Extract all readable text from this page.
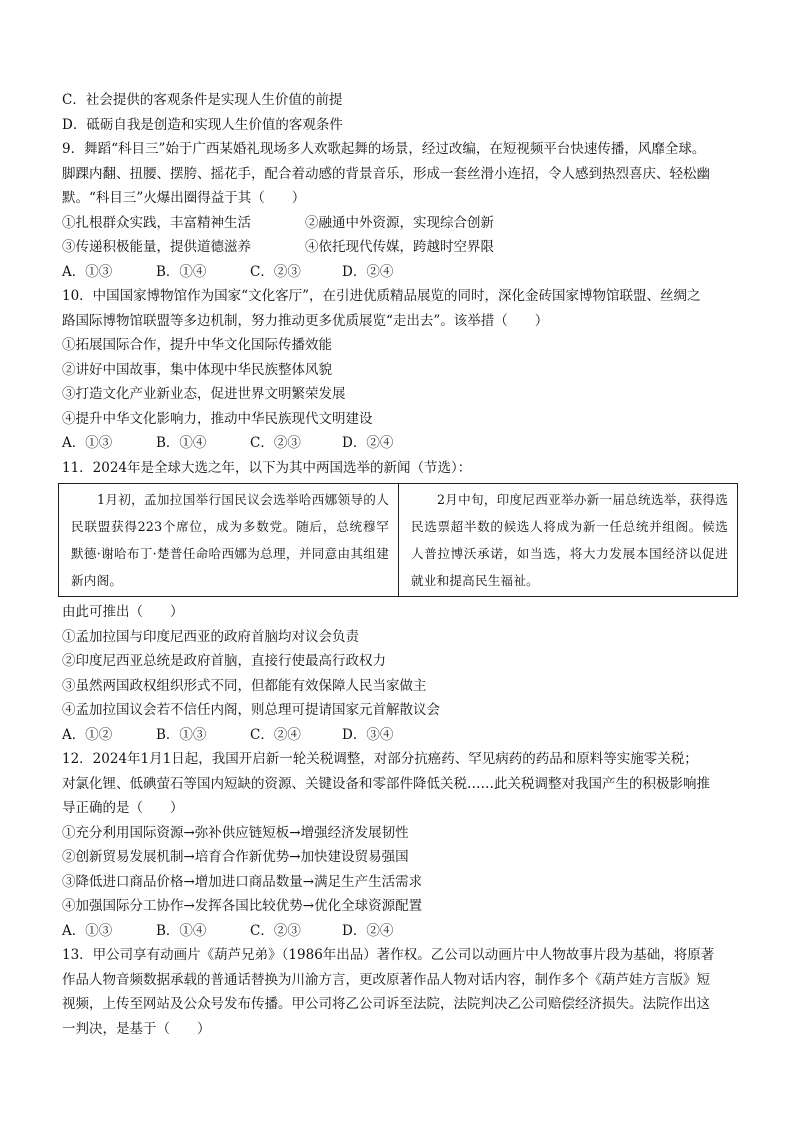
C．社会提供的客观条件是实现人生价值的前提
D．砥砺自我是创造和实现人生价值的客观条件
9．舞蹈“科目三”始于广西某婚礼现场多人欢歌起舞的场景，经过改编，在短视频平台快速传播，风靡全球。
脚踝内翻、扭腰、摆胯、摇花手，配合着动感的背景音乐，形成一套丝滑小连招，令人感到热烈喜庆、轻松幽
默。“科目三”火爆出圈得益于其（　　）
①扎根群众实践，丰富精神生活	②融通中外资源，实现综合创新
③传递积极能量，提供道德滋养	④依托现代传媒，跨越时空界限
A．①③	B．①④	C．②③	D．②④
10．中国国家博物馆作为国家“文化客厅”，在引进优质精品展览的同时，深化金砖国家博物馆联盟、丝绸之
路国际博物馆联盟等多边机制，努力推动更多优质展览“走出去”。该举措（　　）
①拓展国际合作，提升中华文化国际传播效能
②讲好中国故事，集中体现中华民族整体风貌
③打造文化产业新业态，促进世界文明繁荣发展
④提升中华文化影响力，推动中华民族现代文明建设
A．①③	B．①④	C．②③	D．②④
11．2024年是全球大选之年，以下为其中两国选举的新闻（节选）：
1月初，孟加拉国举行国民议会选举哈西娜领导的人民联盟获得223个席位，成为多数党。随后，总统穆罕默德·谢哈布丁·楚普任命哈西娜为总理，并同意由其组建新内阁。
2月中旬，印度尼西亚举办新一届总统选举，获得选民选票超半数的候选人将成为新一任总统并组阁。候选人普拉博沃承诺，如当选，将大力发展本国经济以促进就业和提高民生福祉。
由此可推出（　　）
①孟加拉国与印度尼西亚的政府首脑均对议会负责
②印度尼西亚总统是政府首脑，直接行使最高行政权力
③虽然两国政权组织形式不同，但都能有效保障人民当家做主
④孟加拉国议会若不信任内阁，则总理可提请国家元首解散议会
A．①②	B．①③	C．②④	D．③④
12．2024年1月1日起，我国开启新一轮关税调整，对部分抗癌药、罕见病药的药品和原料等实施零关税；
对氯化锂、低碘萤石等国内短缺的资源、关键设备和零部件降低关税……此关税调整对我国产生的积极影响推
导正确的是（　　）
①充分利用国际资源→弥补供应链短板→增强经济发展韧性
②创新贸易发展机制→培育合作新优势→加快建设贸易强国
③降低进口商品价格→增加进口商品数量→满足生产生活需求
④加强国际分工协作→发挥各国比较优势→优化全球资源配置
A．①③	B．①④	C．②③	D．②④
13．甲公司享有动画片《葫芦兄弟》（1986年出品）著作权。乙公司以动画片中人物故事片段为基础，将原著
作品人物音频数据承载的普通话替换为川渝方言，更改原著作品人物对话内容，制作多个《葫芦娃方言版》短
视频，上传至网站及公众号发布传播。甲公司将乙公司诉至法院，法院判决乙公司赔偿经济损失。法院作出这
一判决，是基于（　　）
